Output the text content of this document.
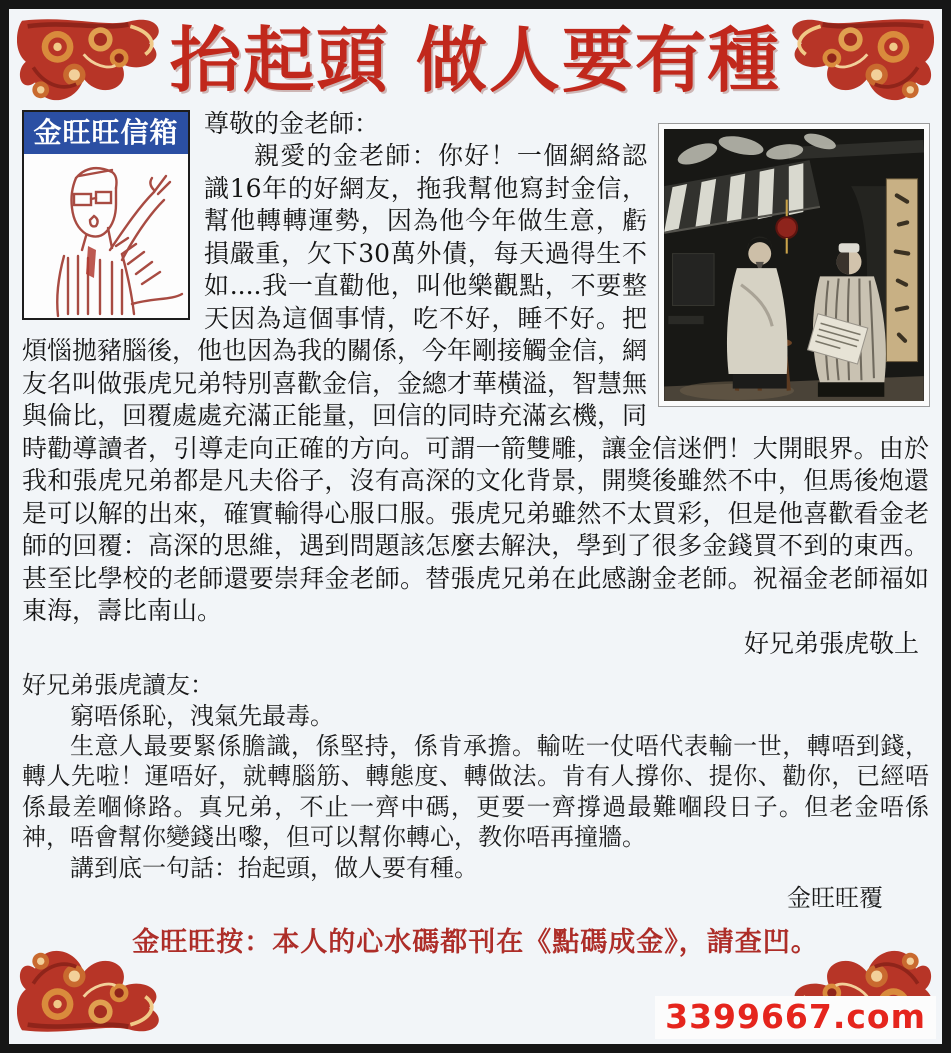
抬起頭 做人要有種
金旺旺信箱	尊敬的金老師：

親愛的金老師：你好！一個網絡認識16年的好網友，拖我幫他寫封金信，幫他轉轉運勢，因為他今年做生意，虧損嚴重，欠下30萬外債，每天過得生不如....我一直勸他，叫他樂觀點，不要整天因為這個事情，吃不好，睡不好。把煩惱拋豬腦後，他也因為我的關係，今年剛接觸金信，網友名叫做張虎兄弟特別喜歡金信，金總才華橫溢，智慧無與倫比，回覆處處充滿正能量，回信的同時充滿玄機，同時勸導讀者，引導走向正確的方向。可謂一箭雙雕，讓金信迷們！大開眼界。由於我和張虎兄弟都是凡夫俗子，沒有高深的文化背景，開獎後雖然不中，但馬後炮還是可以解的出來，確實輸得心服口服。張虎兄弟雖然不太買彩，但是他喜歡看金老師的回覆：高深的思維，遇到問題該怎麼去解決，學到了很多金錢買不到的東西。甚至比學校的老師還要崇拜金老師。替張虎兄弟在此感謝金老師。祝福金老師福如東海，壽比南山。

好兄弟張虎敬上

好兄弟張虎讀友：

窮唔係恥，洩氣先最毒。

生意人最要緊係膽識，係堅持，係肯承擔。輸咗一仗唔代表輸一世，轉唔到錢，轉人先啦！運唔好，就轉腦筋、轉態度、轉做法。肯有人撐你、提你、勸你，已經唔係最差嗰條路。真兄弟，不止一齊中碼，更要一齊撐過最難嗰段日子。但老金唔係神，唔會幫你變錢出嚟，但可以幫你轉心，教你唔再撞牆。

講到底一句話：抬起頭，做人要有種。

金旺旺覆

金旺旺按：本人的心水碼都刊在《點碼成金》，請查凹。
3399667.com
